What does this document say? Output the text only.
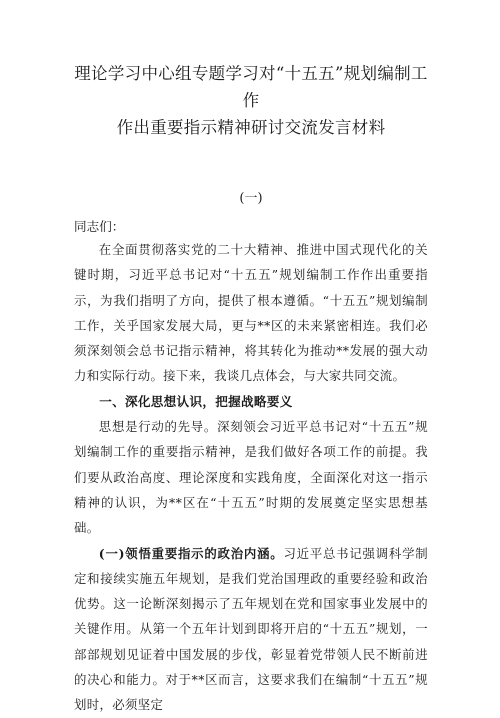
理论学习中心组专题学习对“十五五”规划编制工作
作出重要指示精神研讨交流发言材料
(一)
同志们：

在全面贯彻落实党的二十大精神、推进中国式现代化的关键时期，习近平总书记对“十五五”规划编制工作作出重要指示，为我们指明了方向，提供了根本遵循。“十五五”规划编制工作，关乎国家发展大局，更与**区的未来紧密相连。我们必须深刻领会总书记指示精神，将其转化为推动**发展的强大动力和实际行动。接下来，我谈几点体会，与大家共同交流。

一、深化思想认识，把握战略要义

思想是行动的先导。深刻领会习近平总书记对“十五五”规划编制工作的重要指示精神，是我们做好各项工作的前提。我们要从政治高度、理论深度和实践角度，全面深化对这一指示精神的认识，为**区在“十五五”时期的发展奠定坚实思想基础。

(一)领悟重要指示的政治内涵。习近平总书记强调科学制定和接续实施五年规划，是我们党治国理政的重要经验和政治优势。这一论断深刻揭示了五年规划在党和国家事业发展中的关键作用。从第一个五年计划到即将开启的“十五五”规划，一部部规划见证着中国发展的步伐，彰显着党带领人民不断前进的决心和能力。对于**区而言，这要求我们在编制“十五五”规划时，必须坚定
